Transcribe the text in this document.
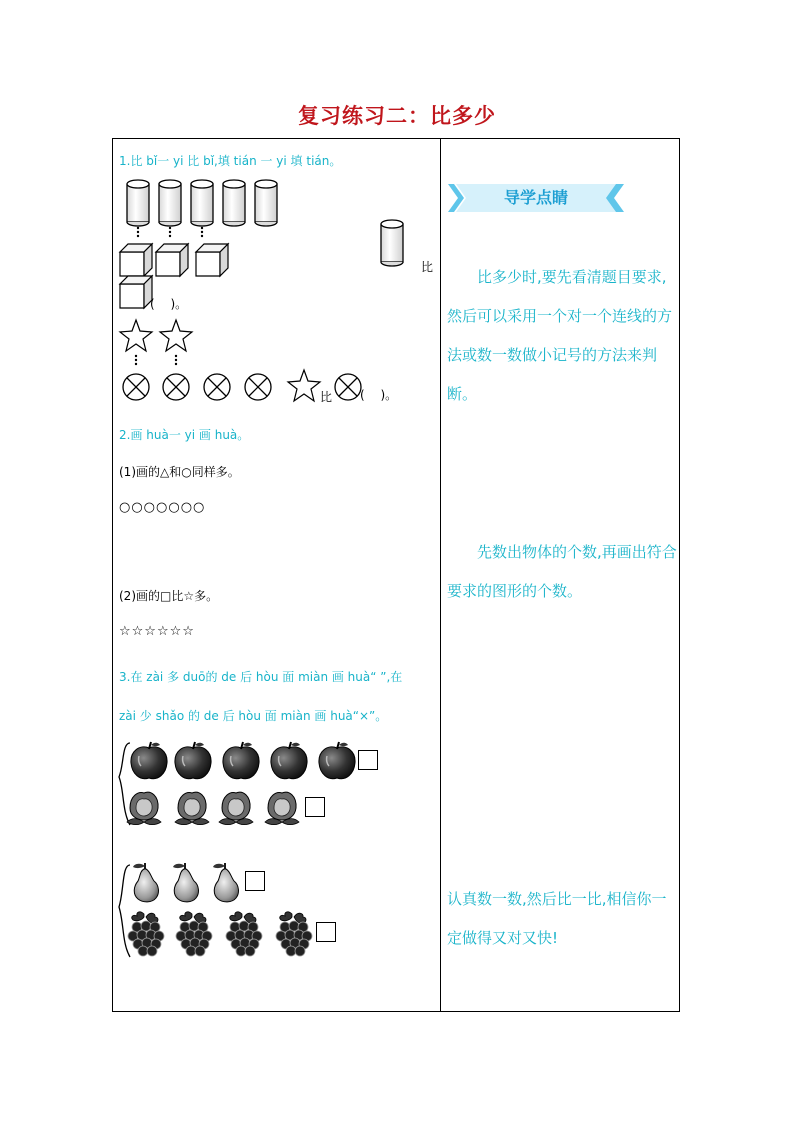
复习练习二：比多少
1.比 bǐ一 yi 比 bǐ,填 tián 一 yi 填 tián。
比
(　 )。
比 (　 )。
2.画 huà一 yi 画 huà。
(1)画的△和○同样多。
○○○○○○○
(2)画的□比☆多。
☆☆☆☆☆☆
3.在 zài 多 duō的 de 后 hòu 面 miàn 画 huà“ ”,在
zài 少 shǎo 的 de 后 hòu 面 miàn 画 huà“×”。
导学点睛
　　比多少时,要先看清题目要求,然后可以采用一个对一个连线的方法或数一数做小记号的方法来判断。
　　先数出物体的个数,再画出符合要求的图形的个数。
认真数一数,然后比一比,相信你一定做得又对又快!
